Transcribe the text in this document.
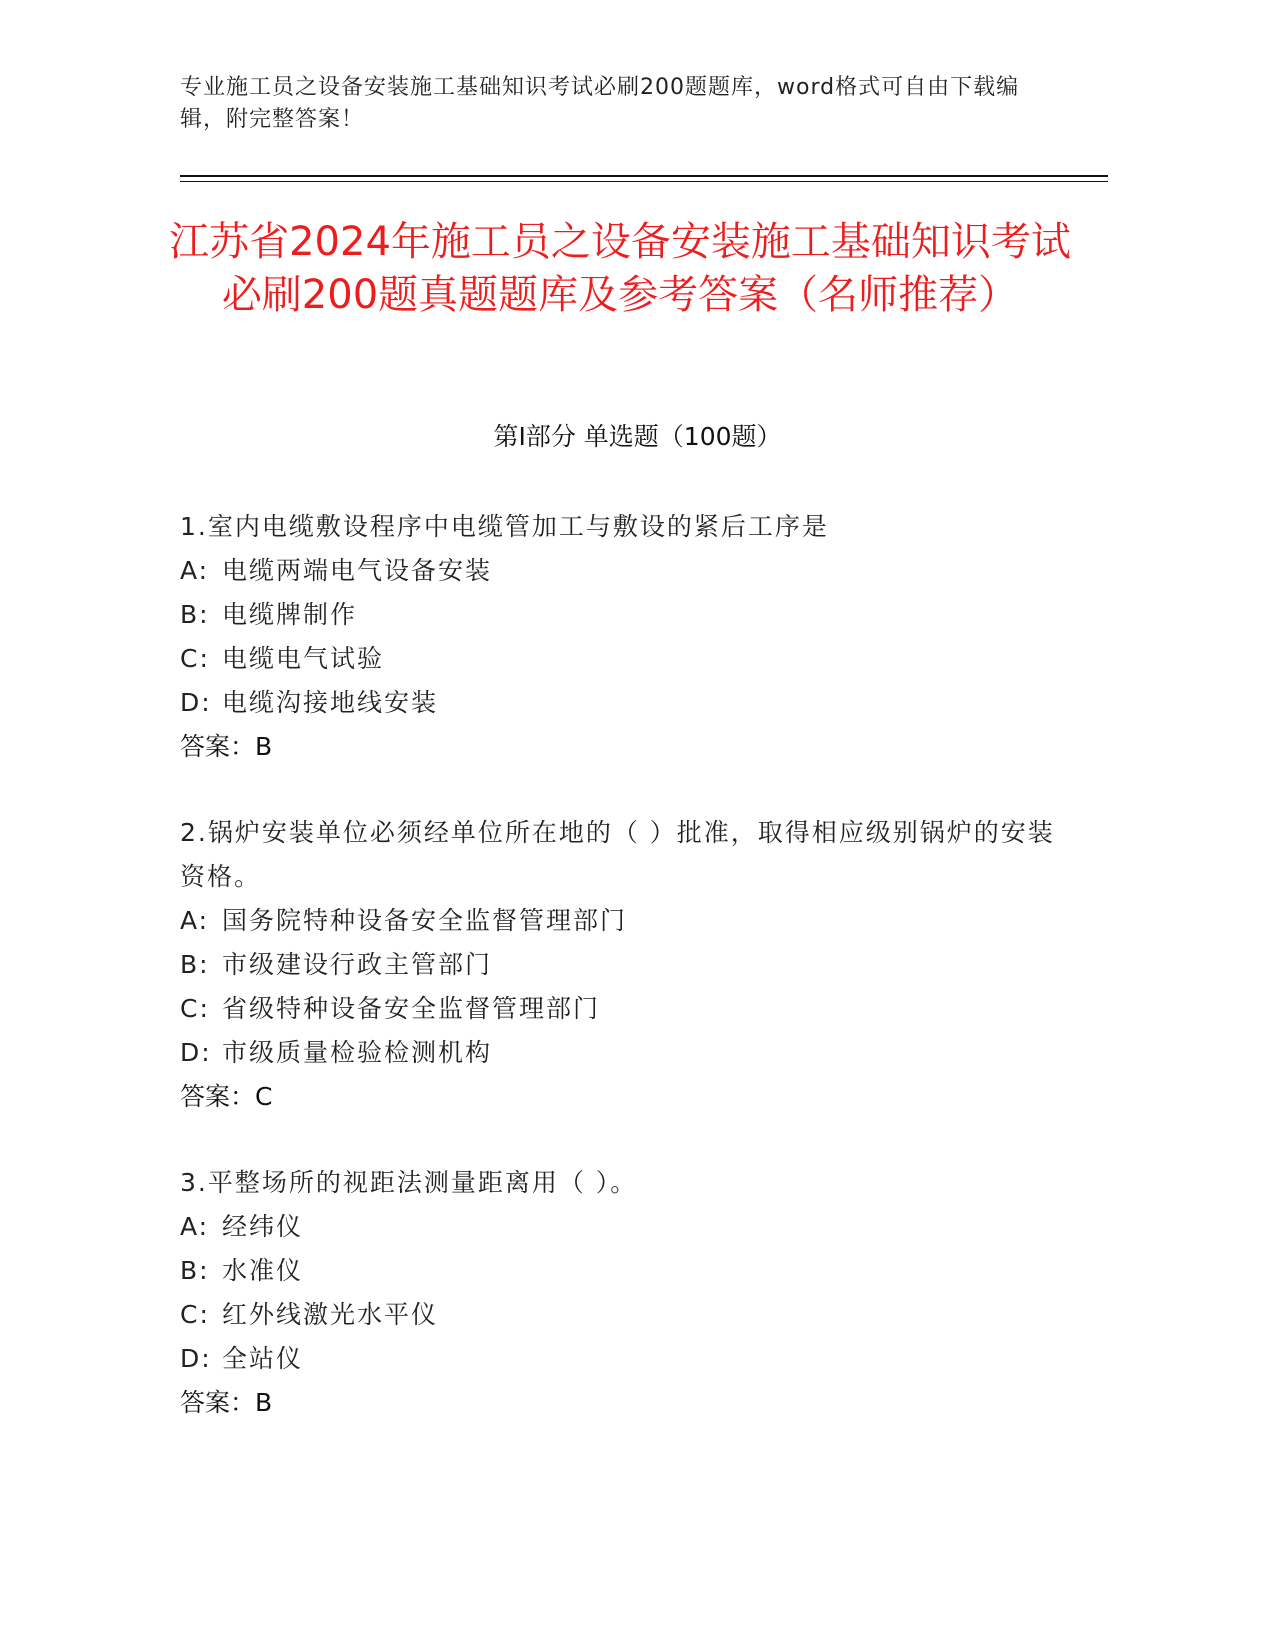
专业施工员之设备安装施工基础知识考试必刷200题题库，word格式可自由下载编辑，附完整答案！
江苏省2024年施工员之设备安装施工基础知识考试必刷200题真题题库及参考答案（名师推荐）
第I部分 单选题（100题）
1.室内电缆敷设程序中电缆管加工与敷设的紧后工序是
A: 电缆两端电气设备安装
B: 电缆牌制作
C: 电缆电气试验
D: 电缆沟接地线安装
答案：B
2.锅炉安装单位必须经单位所在地的（ ）批准，取得相应级别锅炉的安装资格。
A: 国务院特种设备安全监督管理部门
B: 市级建设行政主管部门
C: 省级特种设备安全监督管理部门
D: 市级质量检验检测机构
答案：C
3.平整场所的视距法测量距离用（ ）。
A: 经纬仪
B: 水准仪
C: 红外线激光水平仪
D: 全站仪
答案：B
